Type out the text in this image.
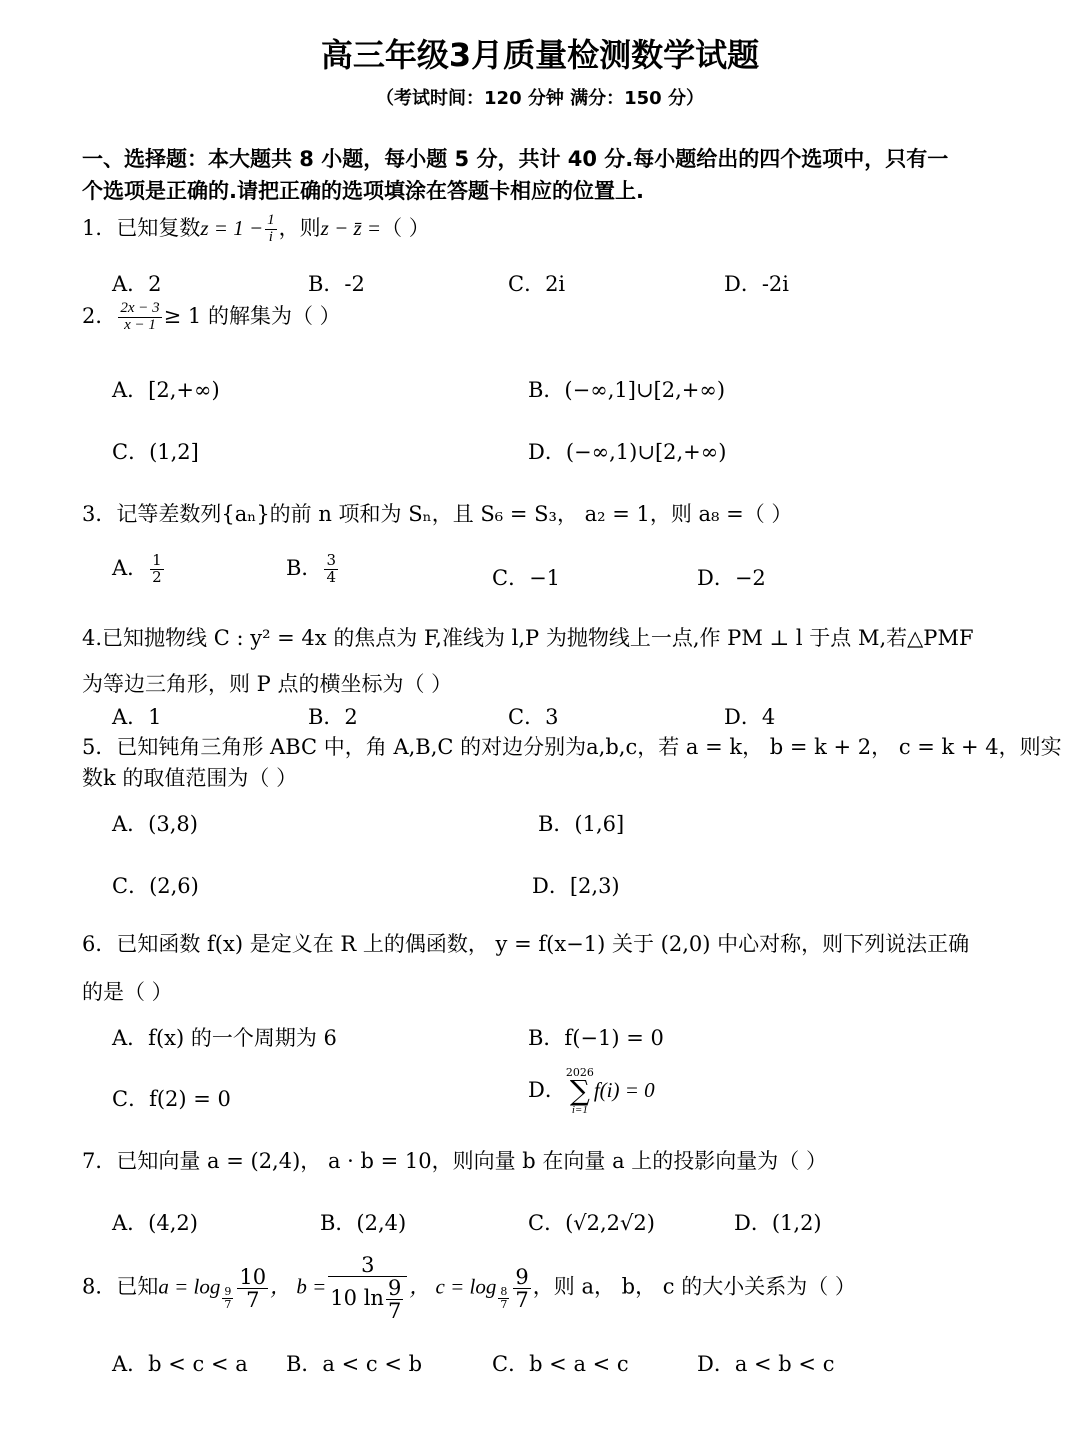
高三年级3月质量检测数学试题
（考试时间：120 分钟 满分：150 分）
一、选择题：本大题共 8 小题，每小题 5 分，共计 40 分.每小题给出的四个选项中，只有一
个选项是正确的.请把正确的选项填涂在答题卡相应的位置上.
1．已知复数$z = 1 - \frac{1}{i}$ ，则z − z̄ =（ ）
A．2	B．-2	C．2i	D．-2i
2． $\frac{2x - 3}{x - 1} \ge 1$ 的解集为（ ）
A．[2,+∞)	B．(−∞,1]∪[2,+∞)
C．(1,2]	D．(−∞,1)∪[2,+∞)
3．记等差数列{aₙ}的前 n 项和为 Sₙ，且 S₆ = S₃， a₂ = 1，则 a₈ =（ ）
A． $\frac{1}{2}$	B． $\frac{3}{4}$	C．−1	D．−2
4.已知抛物线 C : y² = 4x 的焦点为 F,准线为 l,P 为抛物线上一点,作 PM ⊥ l 于点 M,若△PMF
为等边三角形，则 P 点的横坐标为（ ）
A．1	B．2	C．3	D．4
5．已知钝角三角形 ABC 中，角 A,B,C 的对边分别为a,b,c，若 a = k， b = k + 2， c = k + 4，则实
数k 的取值范围为（ ）
A．(3,8)	B．(1,6]
C．(2,6)	D．[2,3)
6．已知函数 f(x) 是定义在 R 上的偶函数， y = f(x−1) 关于 (2,0) 中心对称，则下列说法正确
的是（ ）
A．f(x) 的一个周期为 6	B．f(−1) = 0
C．f(2) = 0	D．
2026
∑
i=1
f(i) = 0
7．已知向量 a = (2,4)， a · b = 10，则向量 b 在向量 a 上的投影向量为（ ）
A．(4,2)	B．(2,4)	C．(√2,2√2)	D．(1,2)
8．已知$a = \log \frac{9}{7} \frac{10}{7}$ ， $b = \frac{3}{10 \ln \frac{9}{7}}$ ， $c = \log \frac{8}{7} \frac{9}{7}$ ，则 a， b， c 的大小关系为（ ）
A．b < c < a B．a < c < b	C．b < a < c	D．a < b < c
